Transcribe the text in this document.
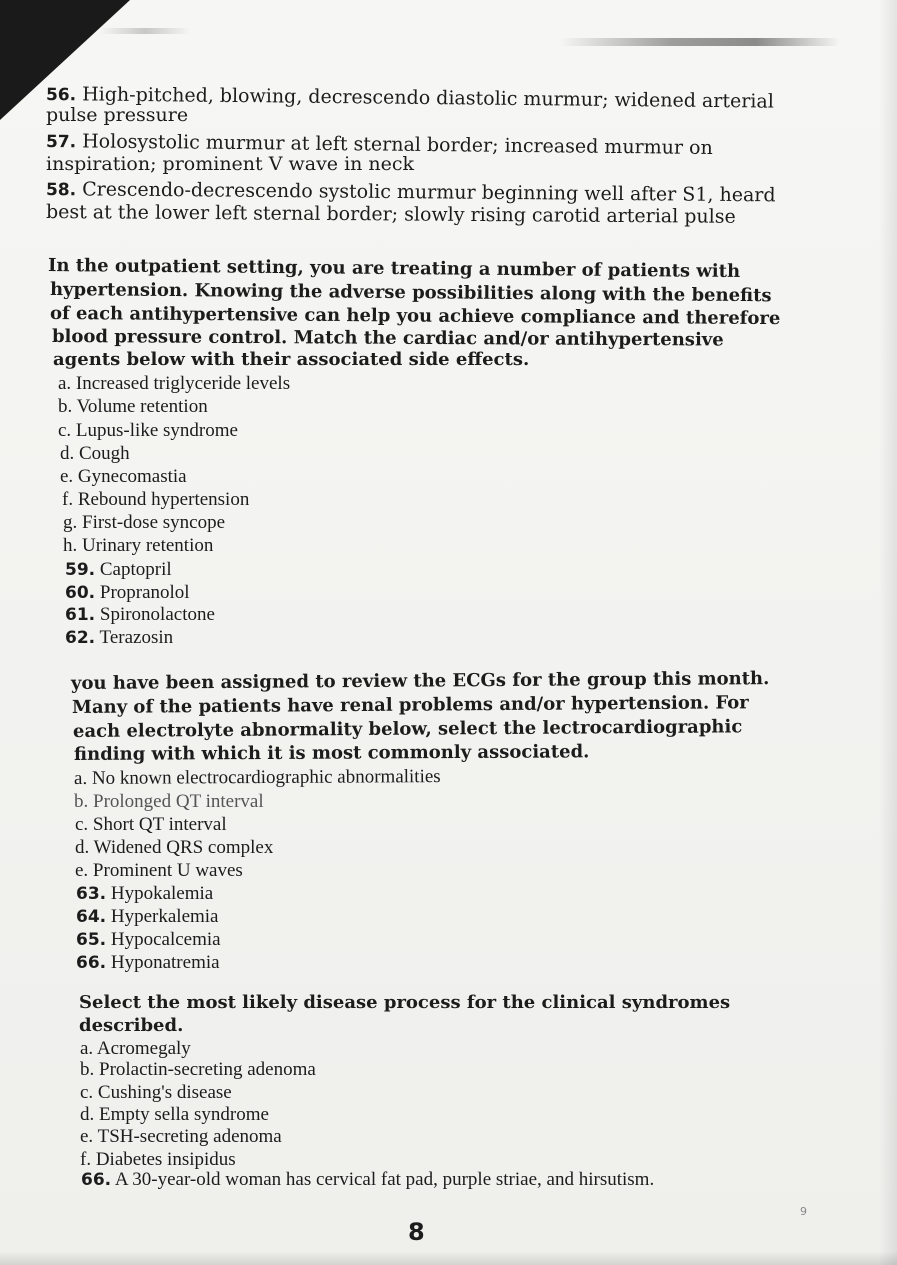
56. High-pitched, blowing, decrescendo diastolic murmur; widened arterial
pulse pressure
57. Holosystolic murmur at left sternal border; increased murmur on
inspiration; prominent V wave in neck
58. Crescendo-decrescendo systolic murmur beginning well after S1, heard
best at the lower left sternal border; slowly rising carotid arterial pulse
In the outpatient setting, you are treating a number of patients with
hypertension. Knowing the adverse possibilities along with the benefits
of each antihypertensive can help you achieve compliance and therefore
blood pressure control. Match the cardiac and/or antihypertensive
agents below with their associated side effects.
a. Increased triglyceride levels
b. Volume retention
c. Lupus-like syndrome
d. Cough
e. Gynecomastia
f. Rebound hypertension
g. First-dose syncope
h. Urinary retention
59. Captopril
60. Propranolol
61. Spironolactone
62. Terazosin
you have been assigned to review the ECGs for the group this month.
Many of the patients have renal problems and/or hypertension. For
each electrolyte abnormality below, select the lectrocardiographic
finding with which it is most commonly associated.
a. No known electrocardiographic abnormalities
b. Prolonged QT interval
c. Short QT interval
d. Widened QRS complex
e. Prominent U waves
63. Hypokalemia
64. Hyperkalemia
65. Hypocalcemia
66. Hyponatremia
Select the most likely disease process for the clinical syndromes
described.
a. Acromegaly
b. Prolactin-secreting adenoma
c. Cushing's disease
d. Empty sella syndrome
e. TSH-secreting adenoma
f. Diabetes insipidus
66. A 30-year-old woman has cervical fat pad, purple striae, and hirsutism.
8
9
